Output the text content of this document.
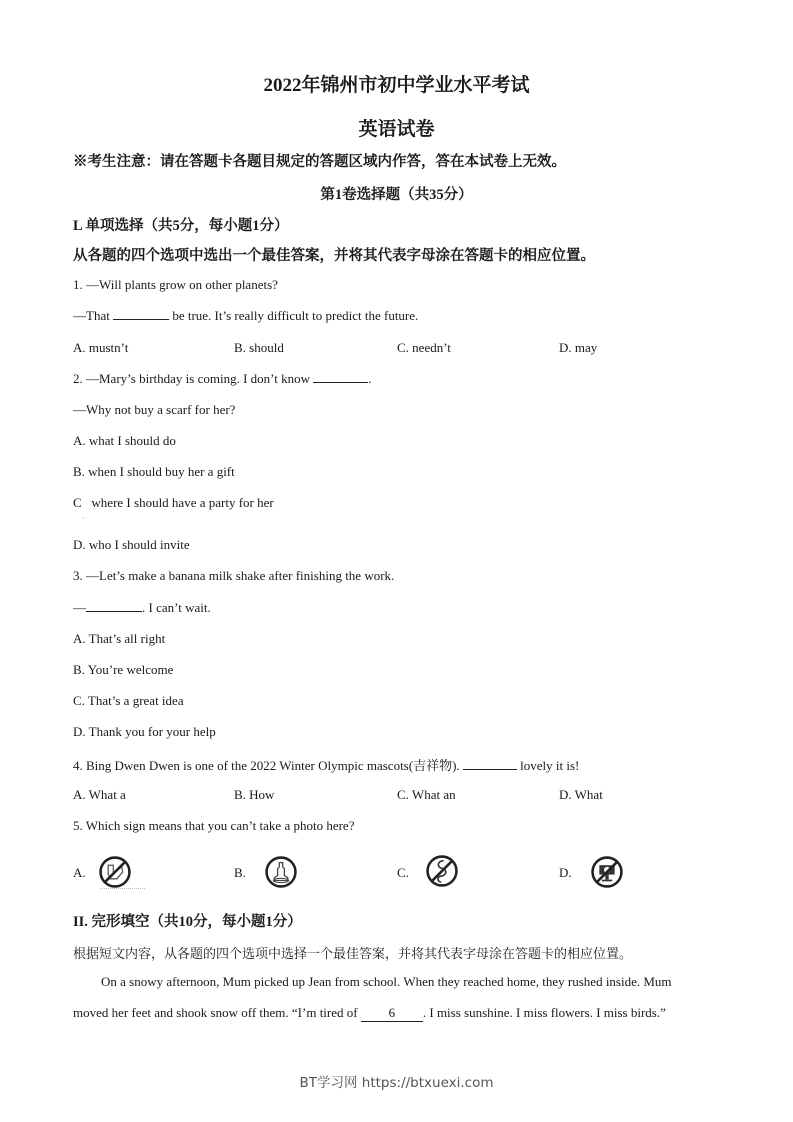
2022年锦州市初中学业水平考试
英语试卷
※考生注意：请在答题卡各题目规定的答题区域内作答，答在本试卷上无效。
第1卷选择题（共35分）
L 单项选择（共5分，每小题1分）
从各题的四个选项中选出一个最佳答案，并将其代表字母涂在答题卡的相应位置。
1. —Will plants grow on other planets?
—That	be true. It’s really difficult to predict the future.
A. mustn’t	B. should	C. needn’t	D. may
2. —Mary’s birthday is coming. I don’t know	.
—Why not buy a scarf for her?
A. what I should do
B. when I should buy her a gift
C   where I should have a party for her
·
D. who I should invite
3. —Let’s make a banana milk shake after finishing the work.
—	. I can’t wait.
A. That’s all right
B. You’re welcome
C. That’s a great idea
D. Thank you for your help
4. Bing Dwen Dwen is one of the 2022 Winter Olympic mascots(吉祥物).	lovely it is!
A. What a	B. How	C. What an	D. What
5. Which sign means that you can’t take a photo here?
A.	B.	C.	D.
II. 完形填空（共10分，每小题1分）
根据短文内容，从各题的四个选项中选择一个最佳答案，并将其代表字母涂在答题卡的相应位置。
On a snowy afternoon, Mum picked up Jean from school. When they reached home, they rushed inside. Mum
moved her feet and shook snow off them. “I’m tired of 6 . I miss sunshine. I miss flowers. I miss birds.”
BT学习网 https://btxuexi.com
